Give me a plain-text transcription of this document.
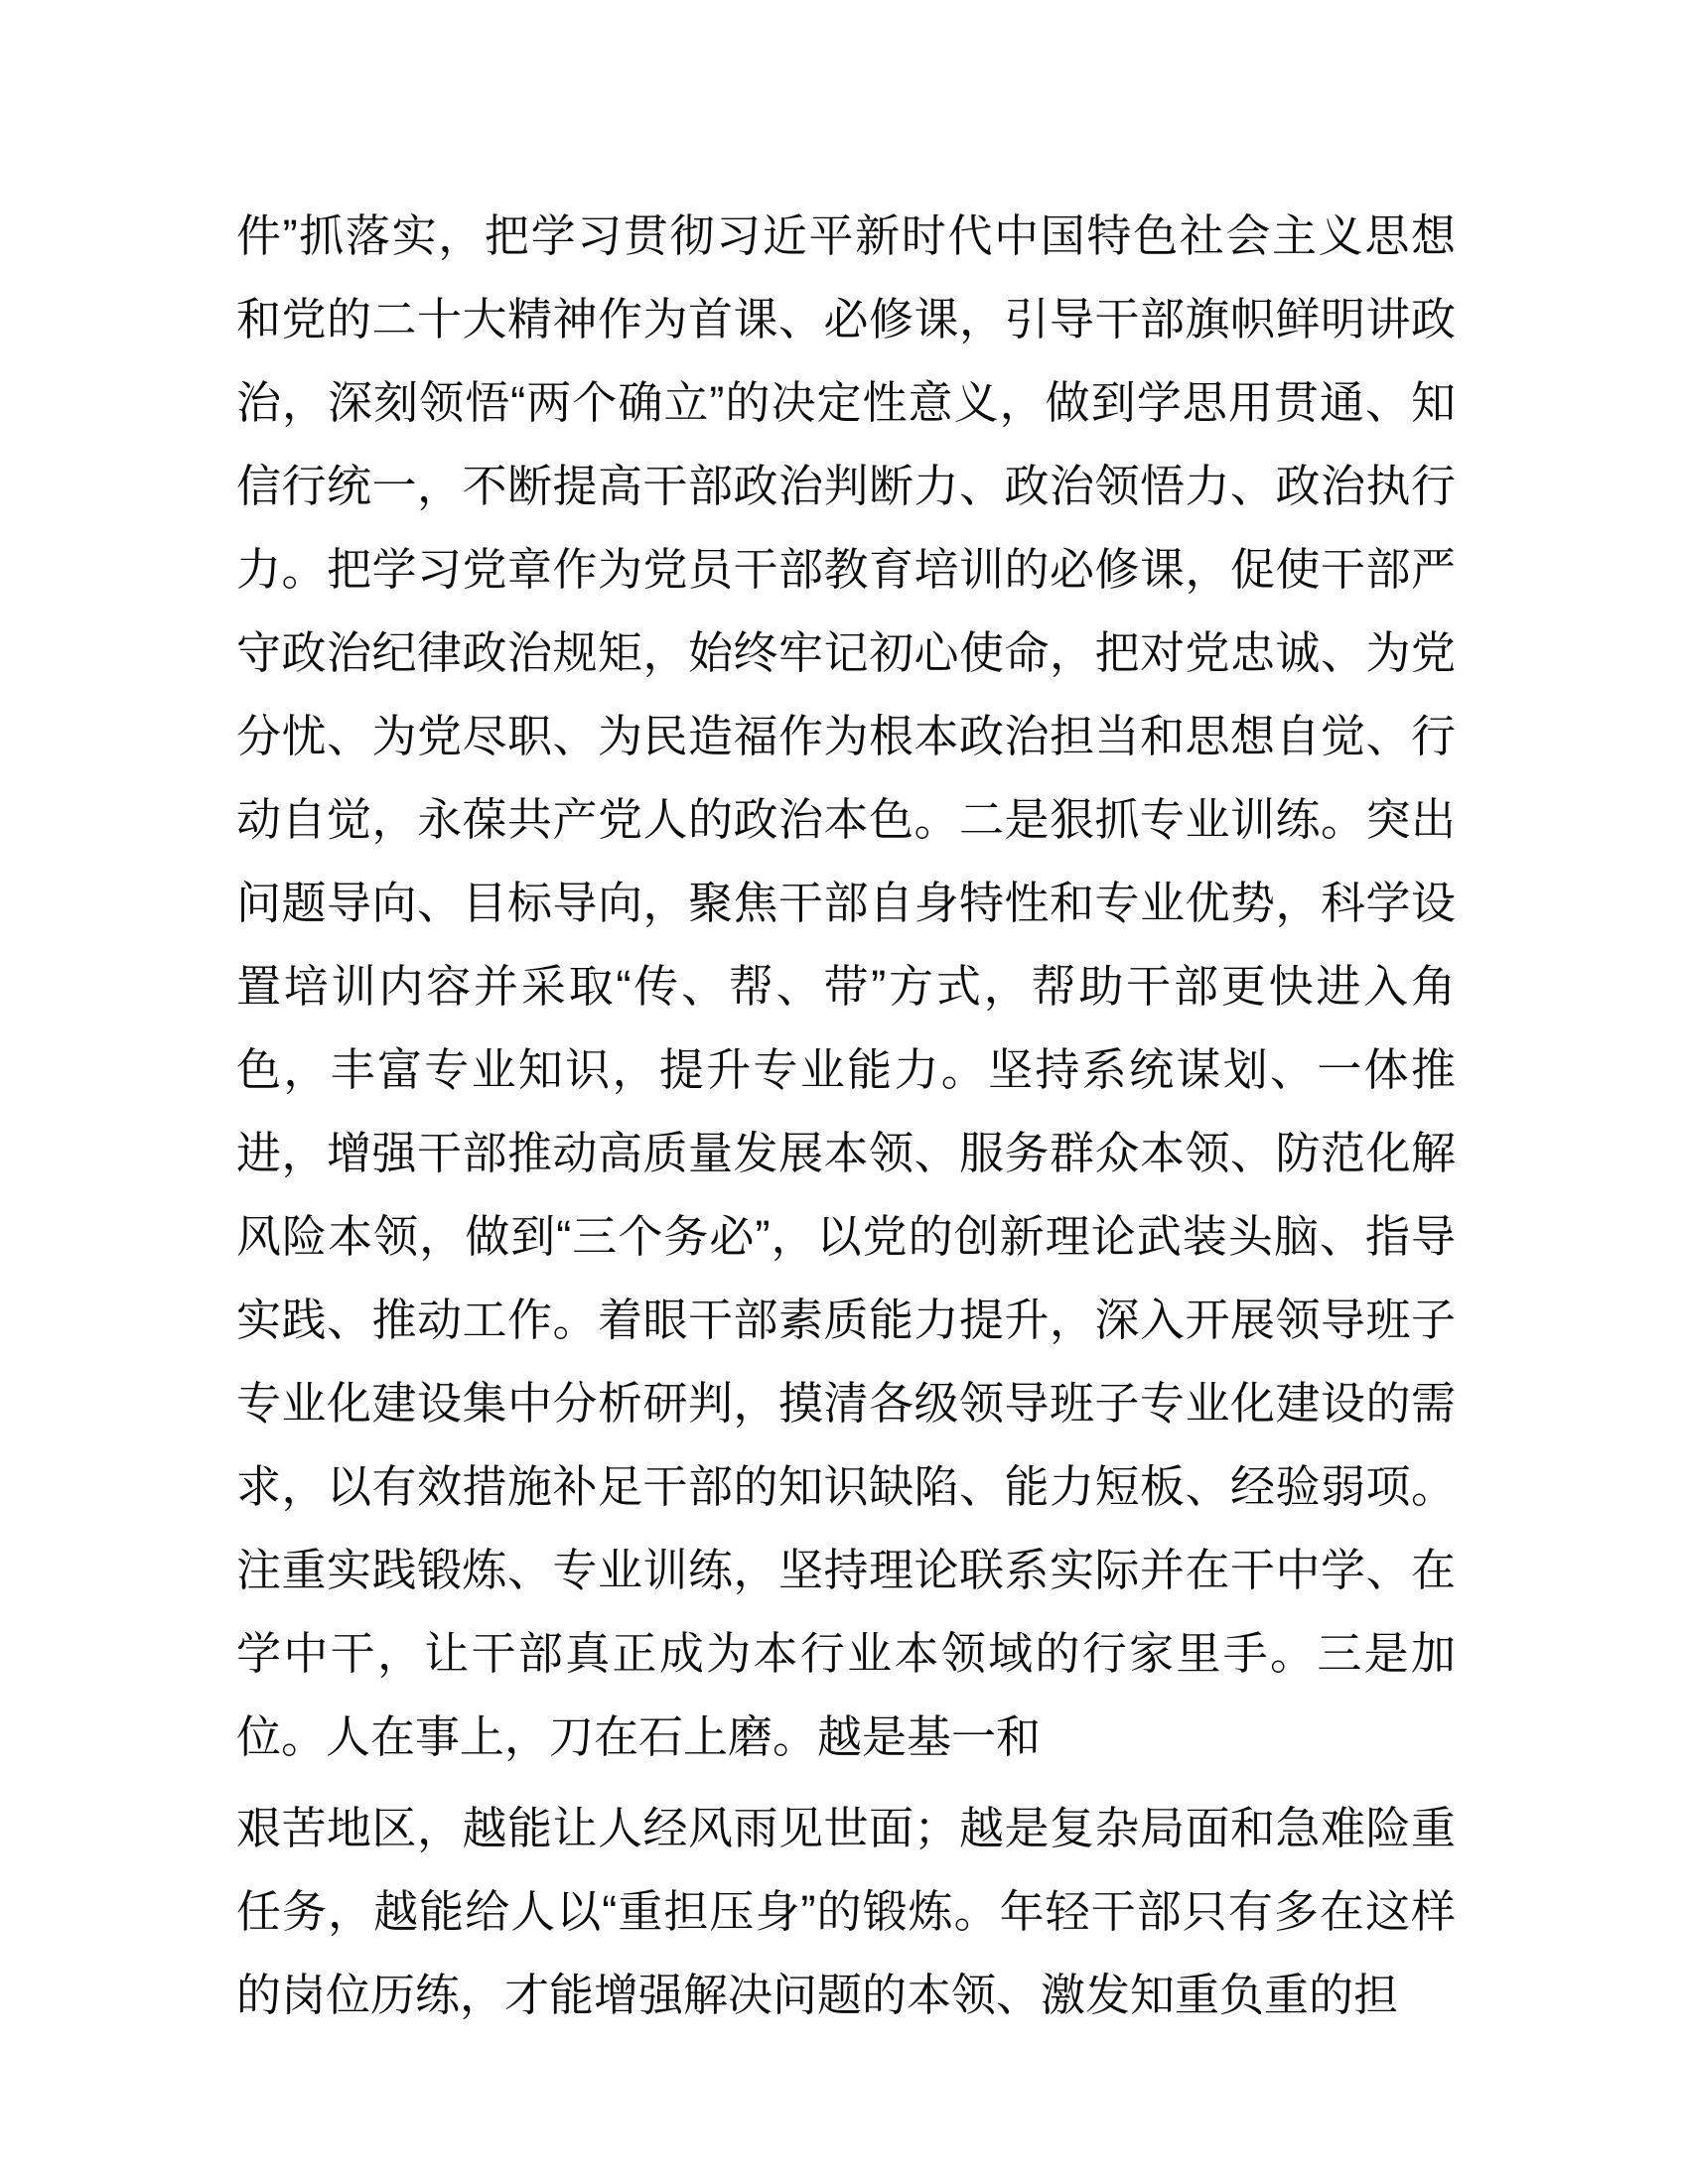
件”抓落实，把学习贯彻习近平新时代中国特色社会主义思想和党的二十大精神作为首课、必修课，引导干部旗帜鲜明讲政治，深刻领悟“两个确立”的决定性意义，做到学思用贯通、知信行统一，不断提高干部政治判断力、政治领悟力、政治执行力。把学习党章作为党员干部教育培训的必修课，促使干部严守政治纪律政治规矩，始终牢记初心使命，把对党忠诚、为党分忧、为党尽职、为民造福作为根本政治担当和思想自觉、行动自觉，永葆共产党人的政治本色。二是狠抓专业训练。突出问题导向、目标导向，聚焦干部自身特性和专业优势，科学设置培训内容并采取“传、帮、带”方式，帮助干部更快进入角色，丰富专业知识，提升专业能力。坚持系统谋划、一体推进，增强干部推动高质量发展本领、服务群众本领、防范化解风险本领，做到“三个务必”，以党的创新理论武装头脑、指导实践、推动工作。着眼干部素质能力提升，深入开展领导班子专业化建设集中分析研判，摸清各级领导班子专业化建设的需求，以有效措施补足干部的知识缺陷、能力短板、经验弱项。注重实践锻炼、专业训练，坚持理论联系实际并在干中学、在学中干，让干部真正成为本行业本领域的行家里手。三是加位。人在事上，刀在石上磨。越是基一和

艰苦地区，越能让人经风雨见世面；越是复杂局面和急难险重任务，越能给人以“重担压身”的锻炼。年轻干部只有多在这样的岗位历练，才能增强解决问题的本领、激发知重负重的担
